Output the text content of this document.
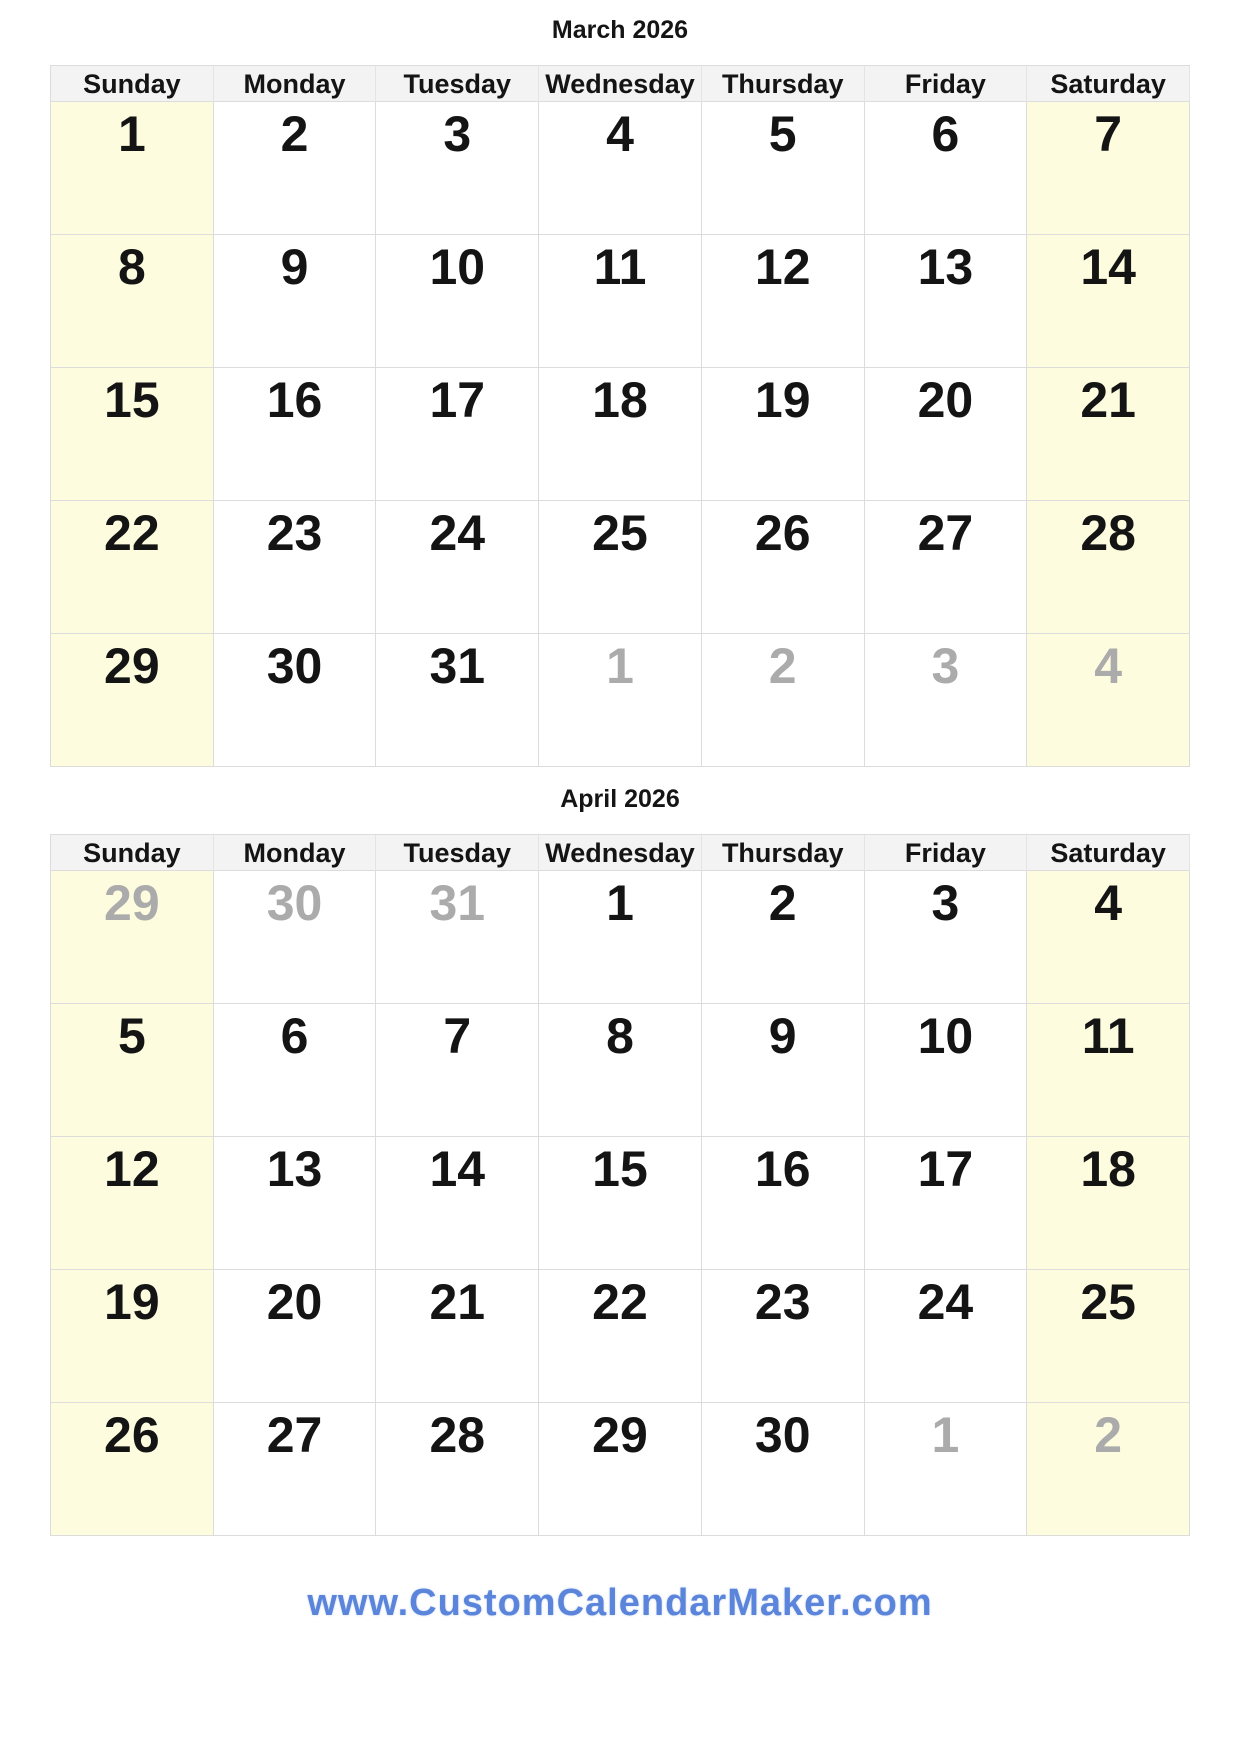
March 2026
Sunday	Monday	Tuesday	Wednesday	Thursday	Friday	Saturday
1	2	3	4	5	6	7
8	9	10	11	12	13	14
15	16	17	18	19	20	21
22	23	24	25	26	27	28
29	30	31	1	2	3	4
April 2026
Sunday	Monday	Tuesday	Wednesday	Thursday	Friday	Saturday
29	30	31	1	2	3	4
5	6	7	8	9	10	11
12	13	14	15	16	17	18
19	20	21	22	23	24	25
26	27	28	29	30	1	2
www.CustomCalendarMaker.com
